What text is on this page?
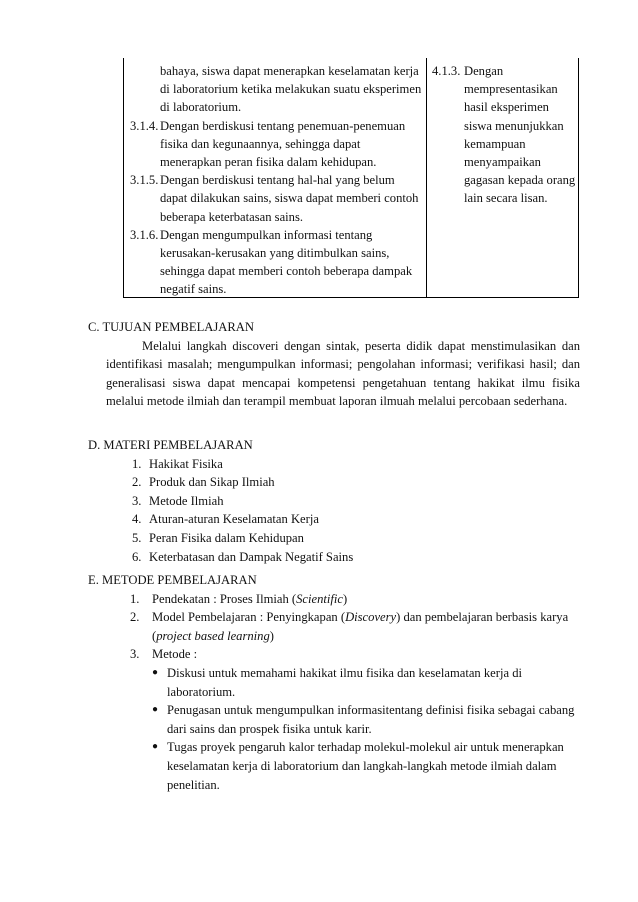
bahaya, siswa dapat menerapkan keselamatan kerja di laboratorium ketika melakukan suatu eksperimen di laboratorium.
3.1.4. Dengan berdiskusi tentang penemuan-penemuan fisika dan kegunaannya, sehingga dapat menerapkan peran fisika dalam kehidupan.
3.1.5. Dengan berdiskusi tentang hal-hal yang belum dapat dilakukan sains, siswa dapat memberi contoh beberapa keterbatasan sains.
3.1.6. Dengan mengumpulkan informasi tentang kerusakan-kerusakan yang ditimbulkan sains, sehingga dapat memberi contoh beberapa dampak negatif sains.
4.1.3. Dengan mempresentasikan hasil eksperimen siswa menunjukkan kemampuan menyampaikan gagasan kepada orang lain secara lisan.
C. TUJUAN PEMBELAJARAN
Melalui langkah discoveri dengan sintak, peserta didik dapat menstimulasikan dan identifikasi masalah; mengumpulkan informasi; pengolahan informasi; verifikasi hasil; dan generalisasi siswa dapat mencapai kompetensi pengetahuan tentang hakikat ilmu fisika melalui metode ilmiah dan terampil membuat laporan ilmuah melalui percobaan sederhana.
D. MATERI PEMBELAJARAN
1. Hakikat Fisika
2. Produk dan Sikap Ilmiah
3. Metode Ilmiah
4. Aturan-aturan Keselamatan Kerja
5. Peran Fisika dalam Kehidupan
6. Keterbatasan dan Dampak Negatif Sains
E. METODE PEMBELAJARAN
1. Pendekatan : Proses Ilmiah (Scientific)
2. Model Pembelajaran : Penyingkapan (Discovery) dan pembelajaran berbasis karya (project based learning)
3. Metode :
● Diskusi untuk memahami hakikat ilmu fisika dan keselamatan kerja di laboratorium.
● Penugasan untuk mengumpulkan informasitentang definisi fisika sebagai cabang dari sains dan prospek fisika untuk karir.
● Tugas proyek pengaruh kalor terhadap molekul-molekul air untuk menerapkan keselamatan kerja di laboratorium dan langkah-langkah metode ilmiah dalam penelitian.
